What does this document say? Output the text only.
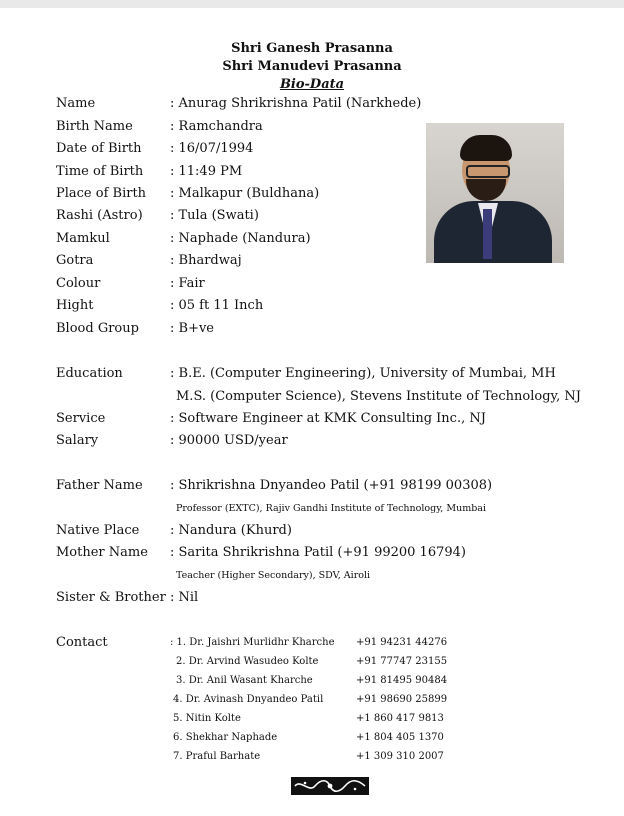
Shri Ganesh Prasanna
Shri Manudevi Prasanna
Bio-Data
Name	: Anurag Shrikrishna Patil (Narkhede)
Birth Name	: Ramchandra
Date of Birth	: 16/07/1994
Time of Birth	: 11:49 PM
Place of Birth	: Malkapur (Buldhana)
Rashi (Astro)	: Tula (Swati)
Mamkul	: Naphade (Nandura)
Gotra	: Bhardwaj
Colour	: Fair
Hight	: 05 ft 11 Inch
Blood Group	: B+ve
Education	: B.E. (Computer Engineering), University of Mumbai, MH
M.S. (Computer Science), Stevens Institute of Technology, NJ
Service	: Software Engineer at KMK Consulting Inc., NJ
Salary	: 90000 USD/year
Father Name	: Shrikrishna Dnyandeo Patil (+91 98199 00308)
Professor (EXTC), Rajiv Gandhi Institute of Technology, Mumbai
Native Place	: Nandura (Khurd)
Mother Name	: Sarita Shrikrishna Patil (+91 99200 16794)
Teacher (Higher Secondary), SDV, Airoli
Sister & Brother : Nil
Contact	: 1. Dr. Jaishri Murlidhr Kharche +91 94231 44276
2. Dr. Arvind Wasudeo Kolte	+91 77747 23155
3. Dr. Anil Wasant Kharche	+91 81495 90484
4. Dr. Avinash Dnyandeo Patil	+91 98690 25899
5. Nitin Kolte	+1 860 417 9813
6. Shekhar Naphade	+1 804 405 1370
7. Praful Barhate	+1 309 310 2007
